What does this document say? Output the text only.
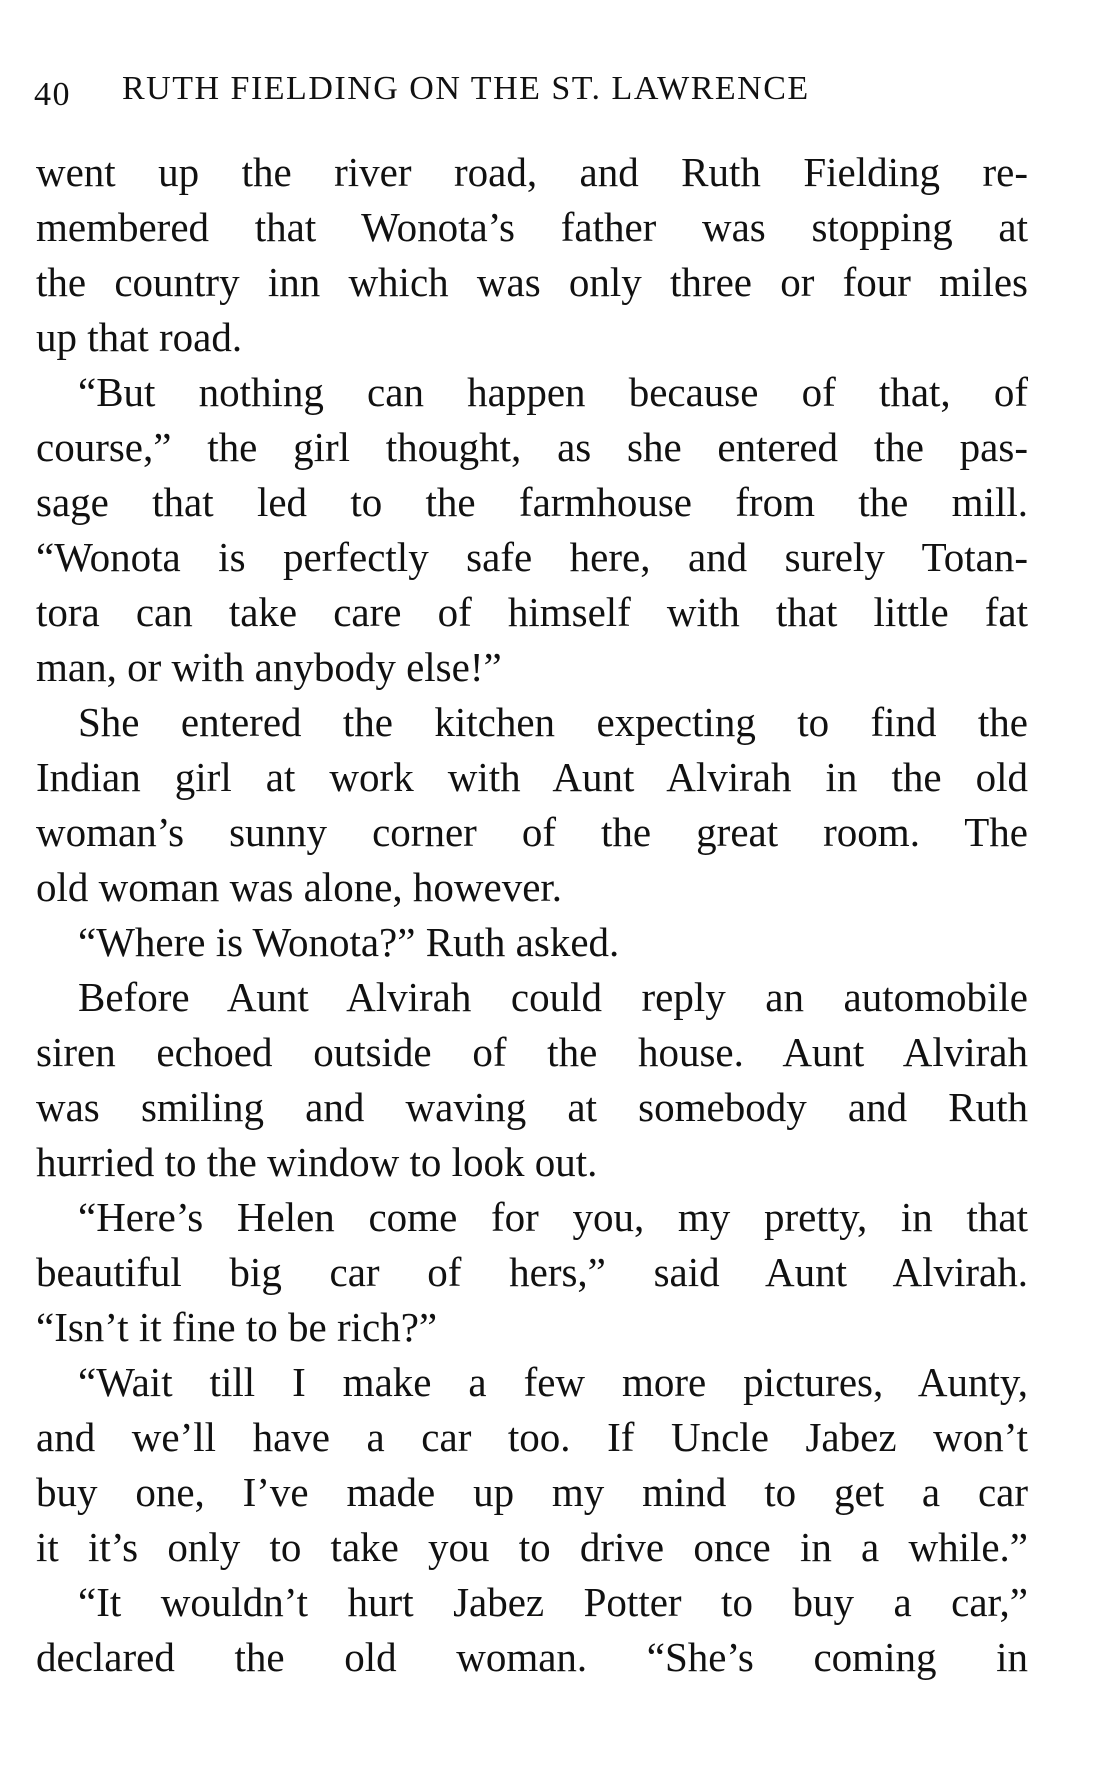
40 RUTH FIELDING ON THE ST. LAWRENCE
went up the river road, and Ruth Fielding re-
membered that Wonota’s father was stopping at
the country inn which was only three or four miles
up that road.
“But nothing can happen because of that, of
course,” the girl thought, as she entered the pas-
sage that led to the farmhouse from the mill.
“Wonota is perfectly safe here, and surely Totan-
tora can take care of himself with that little fat
man, or with anybody else!”
She entered the kitchen expecting to find the
Indian girl at work with Aunt Alvirah in the old
woman’s sunny corner of the great room. The
old woman was alone, however.
“Where is Wonota?” Ruth asked.
Before Aunt Alvirah could reply an automobile
siren echoed outside of the house. Aunt Alvirah
was smiling and waving at somebody and Ruth
hurried to the window to look out.
“Here’s Helen come for you, my pretty, in that
beautiful big car of hers,” said Aunt Alvirah.
“Isn’t it fine to be rich?”
“Wait till I make a few more pictures, Aunty,
and we’ll have a car too. If Uncle Jabez won’t
buy one, I’ve made up my mind to get a car
it it’s only to take you to drive once in a while.”
“It wouldn’t hurt Jabez Potter to buy a car,”
declared the old woman. “She’s coming in
